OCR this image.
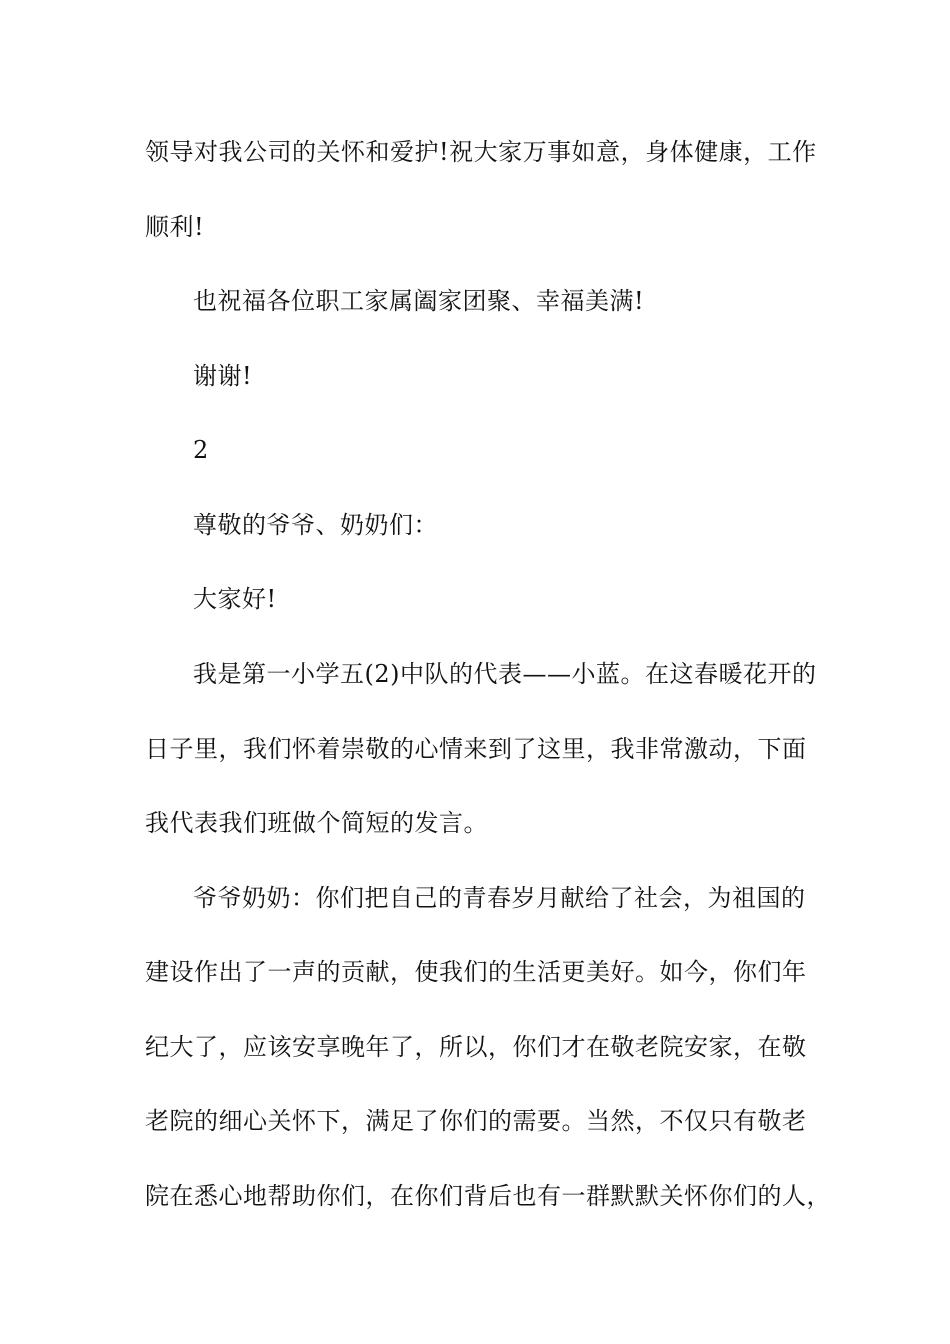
领导对我公司的关怀和爱护!祝大家万事如意，身体健康，工作
顺利!
也祝福各位职工家属阖家团聚、幸福美满!
谢谢!
2
尊敬的爷爷、奶奶们：
大家好!
我是第一小学五(2)中队的代表——小蓝。在这春暖花开的
日子里，我们怀着崇敬的心情来到了这里，我非常激动，下面
我代表我们班做个简短的发言。
爷爷奶奶：你们把自己的青春岁月献给了社会，为祖国的
建设作出了一声的贡献，使我们的生活更美好。如今，你们年
纪大了，应该安享晚年了，所以，你们才在敬老院安家，在敬
老院的细心关怀下，满足了你们的需要。当然，不仅只有敬老
院在悉心地帮助你们，在你们背后也有一群默默关怀你们的人，
